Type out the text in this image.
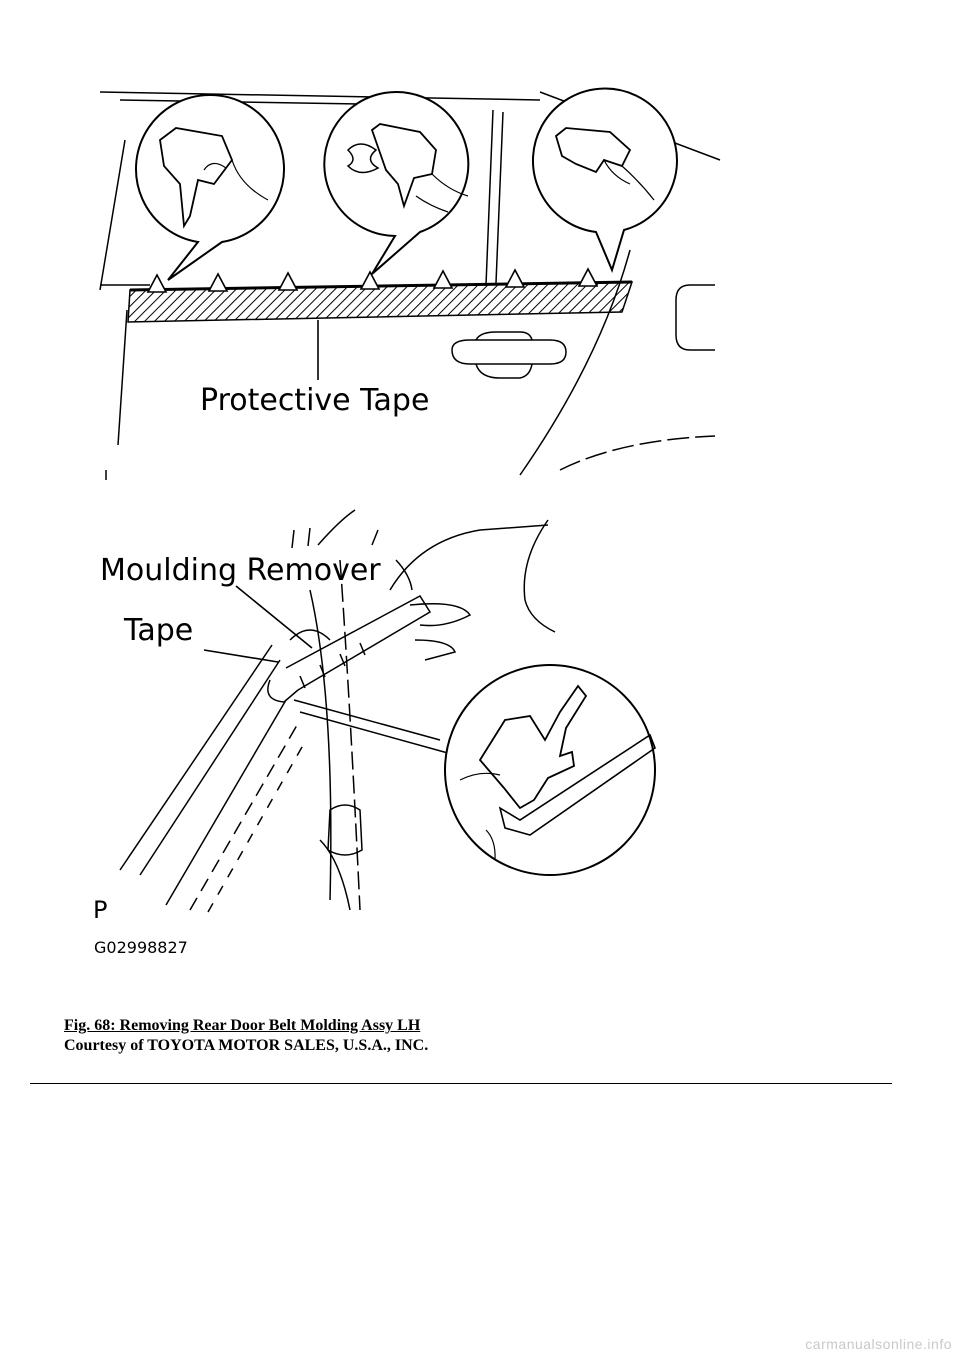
Protective Tape
Moulding Remover
Tape
P
G02998827
Fig. 68: Removing Rear Door Belt Molding Assy LH
Courtesy of TOYOTA MOTOR SALES, U.S.A., INC.
carmanualsonline.info
